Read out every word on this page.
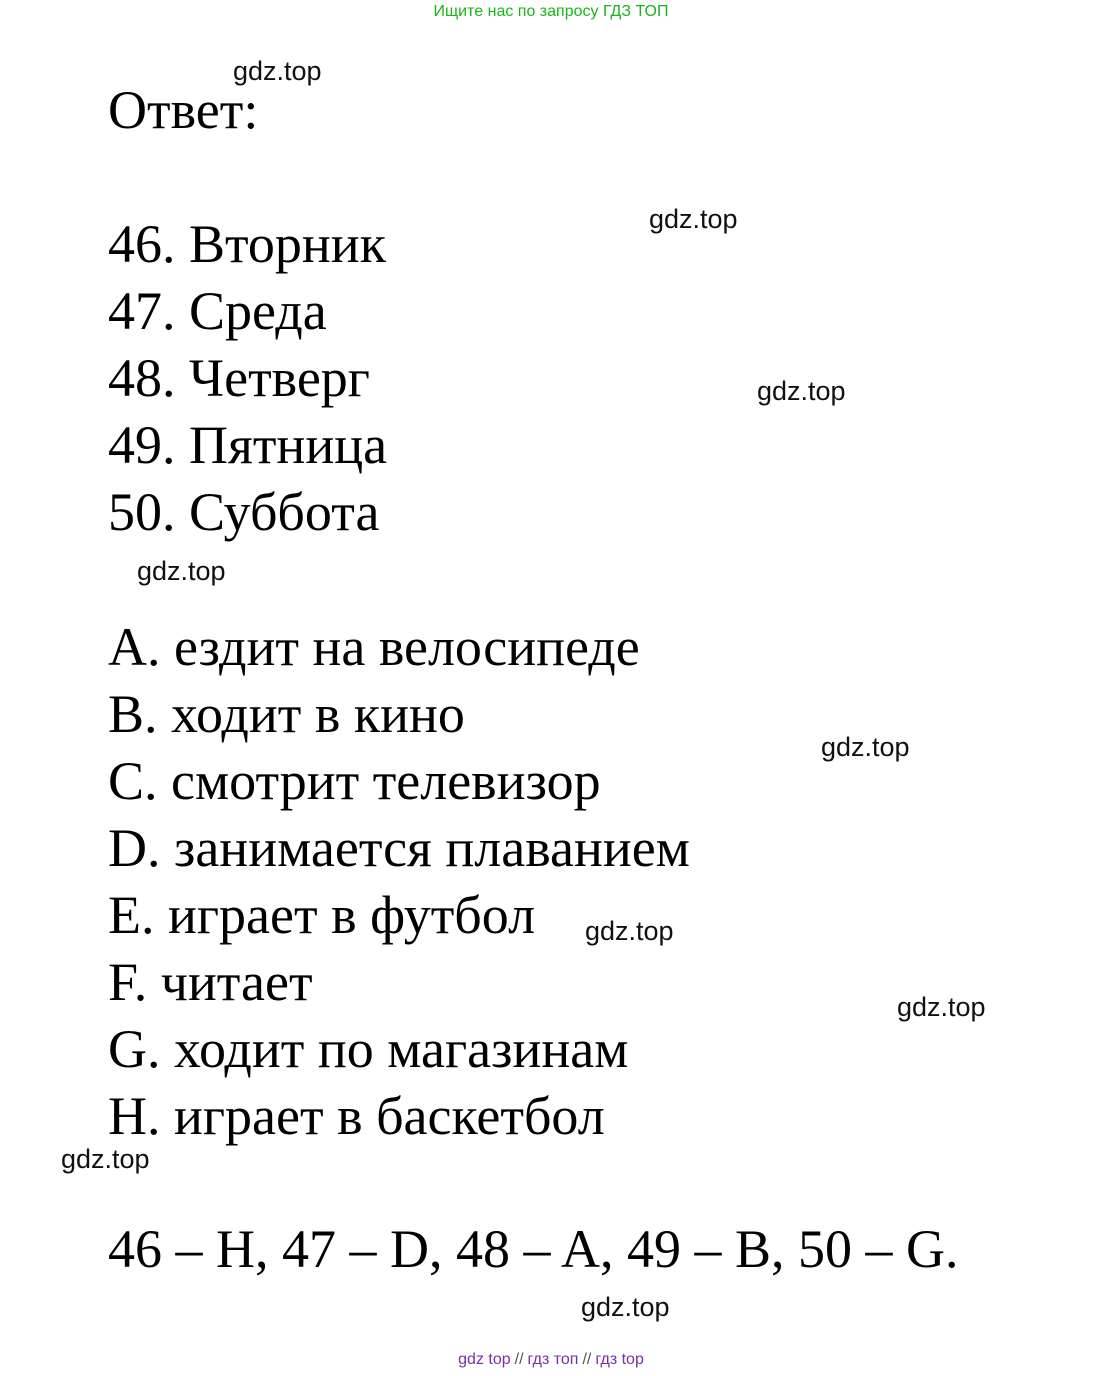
Ищите нас по запросу ГДЗ ТОП
gdz.top
gdz.top
gdz.top
gdz.top
gdz.top
gdz.top
gdz.top
gdz.top
gdz.top
Ответ:
46. Вторник
47. Среда
48. Четверг
49. Пятница
50. Суббота
A. ездит на велосипеде
B. ходит в кино
C. смотрит телевизор
D. занимается плаванием
E. играет в футбол
F. читает
G. ходит по магазинам
H. играет в баскетбол
46 – H, 47 – D, 48 – A, 49 – B, 50 – G.
gdz top // гдз топ // гдз top
